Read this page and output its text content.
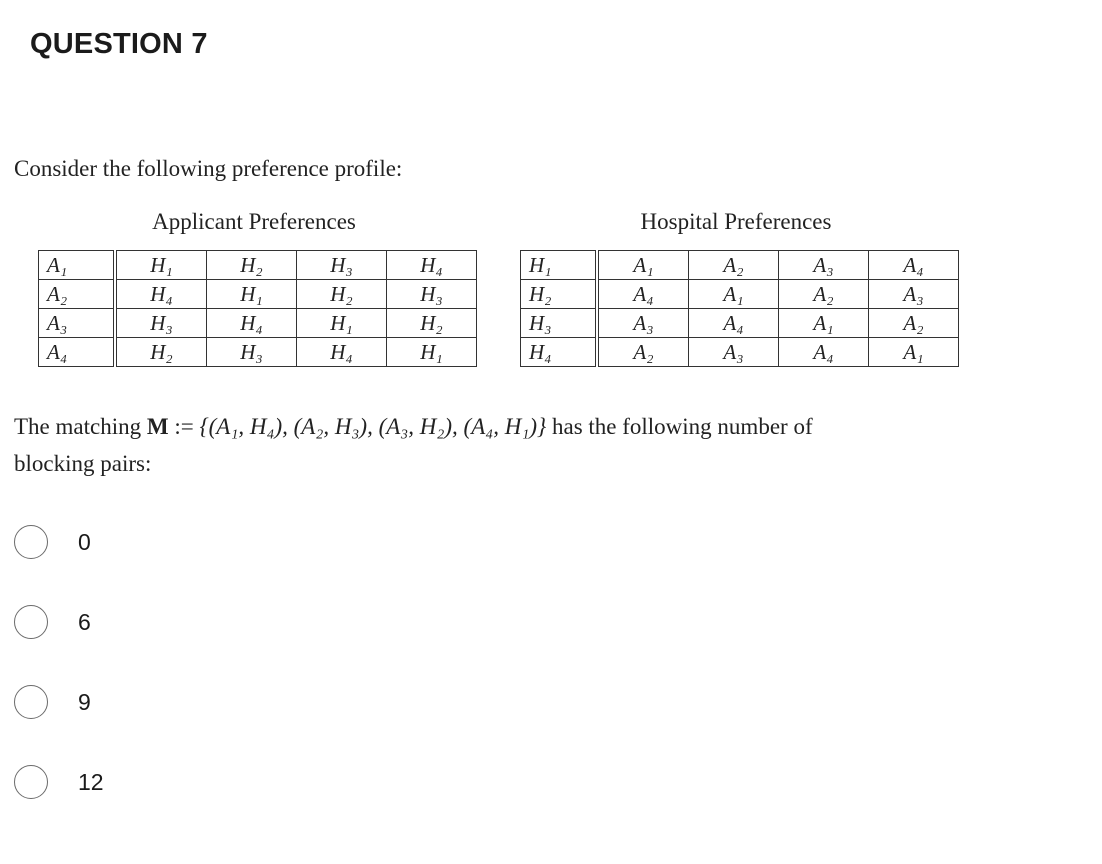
QUESTION 7
Consider the following preference profile:
Applicant Preferences	Hospital Preferences
A₁	H₁	H₂	H₃	H₄
A₂	H₄	H₁	H₂	H₃
A₃	H₃	H₄	H₁	H₂
A₄	H₂	H₃	H₄	H₁
H₁	A₁	A₂	A₃	A₄
H₂	A₄	A₁	A₂	A₃
H₃	A₃	A₄	A₁	A₂
H₄	A₂	A₃	A₄	A₁
The matching M := {(A₁, H₄), (A₂, H₃), (A₃, H₂), (A₄, H₁)} has the following number of
blocking pairs:
0
6
9
12
